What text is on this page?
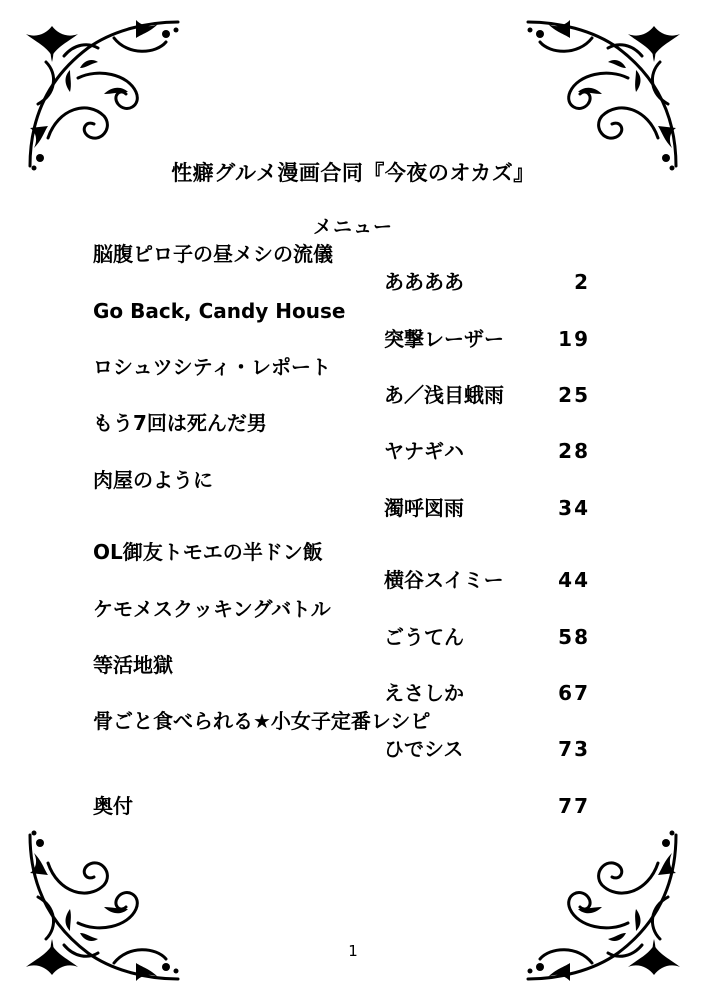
性癖グルメ漫画合同『今夜のオカズ』
メニュー
脳腹ピロ子の昼メシの流儀
ああああ	2
Go Back, Candy House
突撃レーザー	19
ロシュツシティ・レポート
あ／浅目蛾雨	25
もう7回は死んだ男
ヤナギハ	28
肉屋のように
濁呼図雨	34
OL御友トモエの半ドン飯
横谷スイミー	44
ケモメスクッキングバトル
ごうてん	58
等活地獄
えさしか	67
骨ごと食べられる★小女子定番レシピ
ひでシス	73
奥付	77
1
